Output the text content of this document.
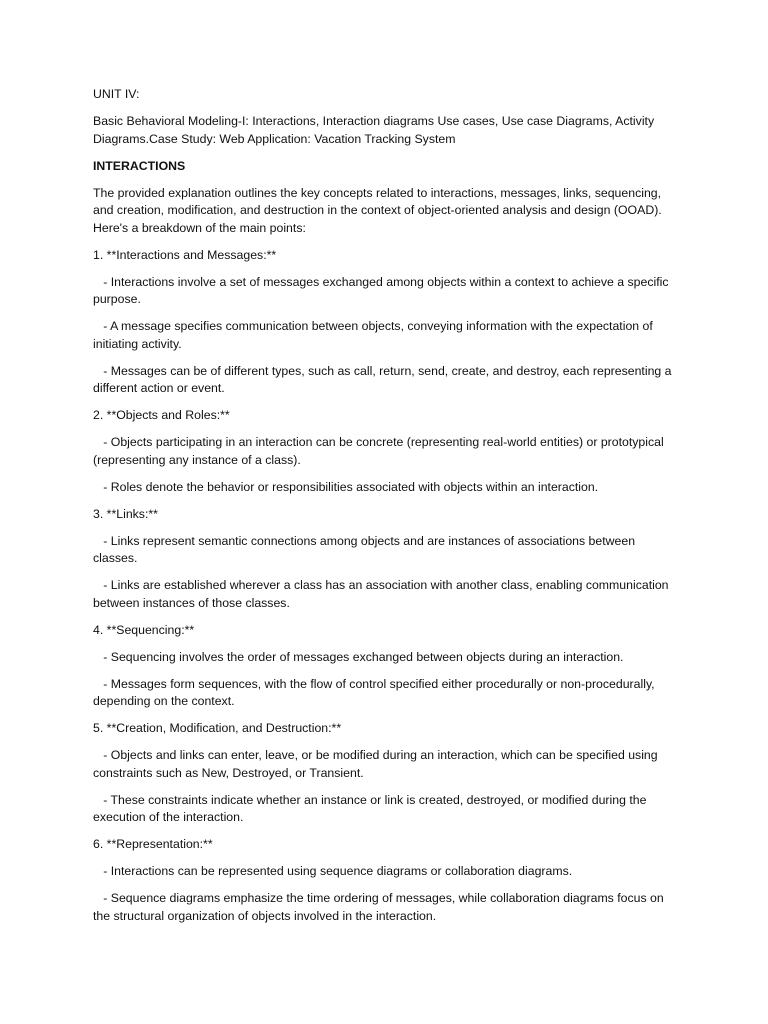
UNIT IV:

Basic Behavioral Modeling-I: Interactions, Interaction diagrams Use cases, Use case Diagrams, Activity Diagrams.Case Study: Web Application: Vacation Tracking System

INTERACTIONS

The provided explanation outlines the key concepts related to interactions, messages, links, sequencing, and creation, modification, and destruction in the context of object-oriented analysis and design (OOAD). Here's a breakdown of the main points:

1. **Interactions and Messages:**

- Interactions involve a set of messages exchanged among objects within a context to achieve a specific purpose.

- A message specifies communication between objects, conveying information with the expectation of initiating activity.

- Messages can be of different types, such as call, return, send, create, and destroy, each representing a different action or event.

2. **Objects and Roles:**

- Objects participating in an interaction can be concrete (representing real-world entities) or prototypical (representing any instance of a class).

- Roles denote the behavior or responsibilities associated with objects within an interaction.

3. **Links:**

- Links represent semantic connections among objects and are instances of associations between classes.

- Links are established wherever a class has an association with another class, enabling communication between instances of those classes.

4. **Sequencing:**

- Sequencing involves the order of messages exchanged between objects during an interaction.

- Messages form sequences, with the flow of control specified either procedurally or non-procedurally, depending on the context.

5. **Creation, Modification, and Destruction:**

- Objects and links can enter, leave, or be modified during an interaction, which can be specified using constraints such as New, Destroyed, or Transient.

- These constraints indicate whether an instance or link is created, destroyed, or modified during the execution of the interaction.

6. **Representation:**

- Interactions can be represented using sequence diagrams or collaboration diagrams.

- Sequence diagrams emphasize the time ordering of messages, while collaboration diagrams focus on the structural organization of objects involved in the interaction.
